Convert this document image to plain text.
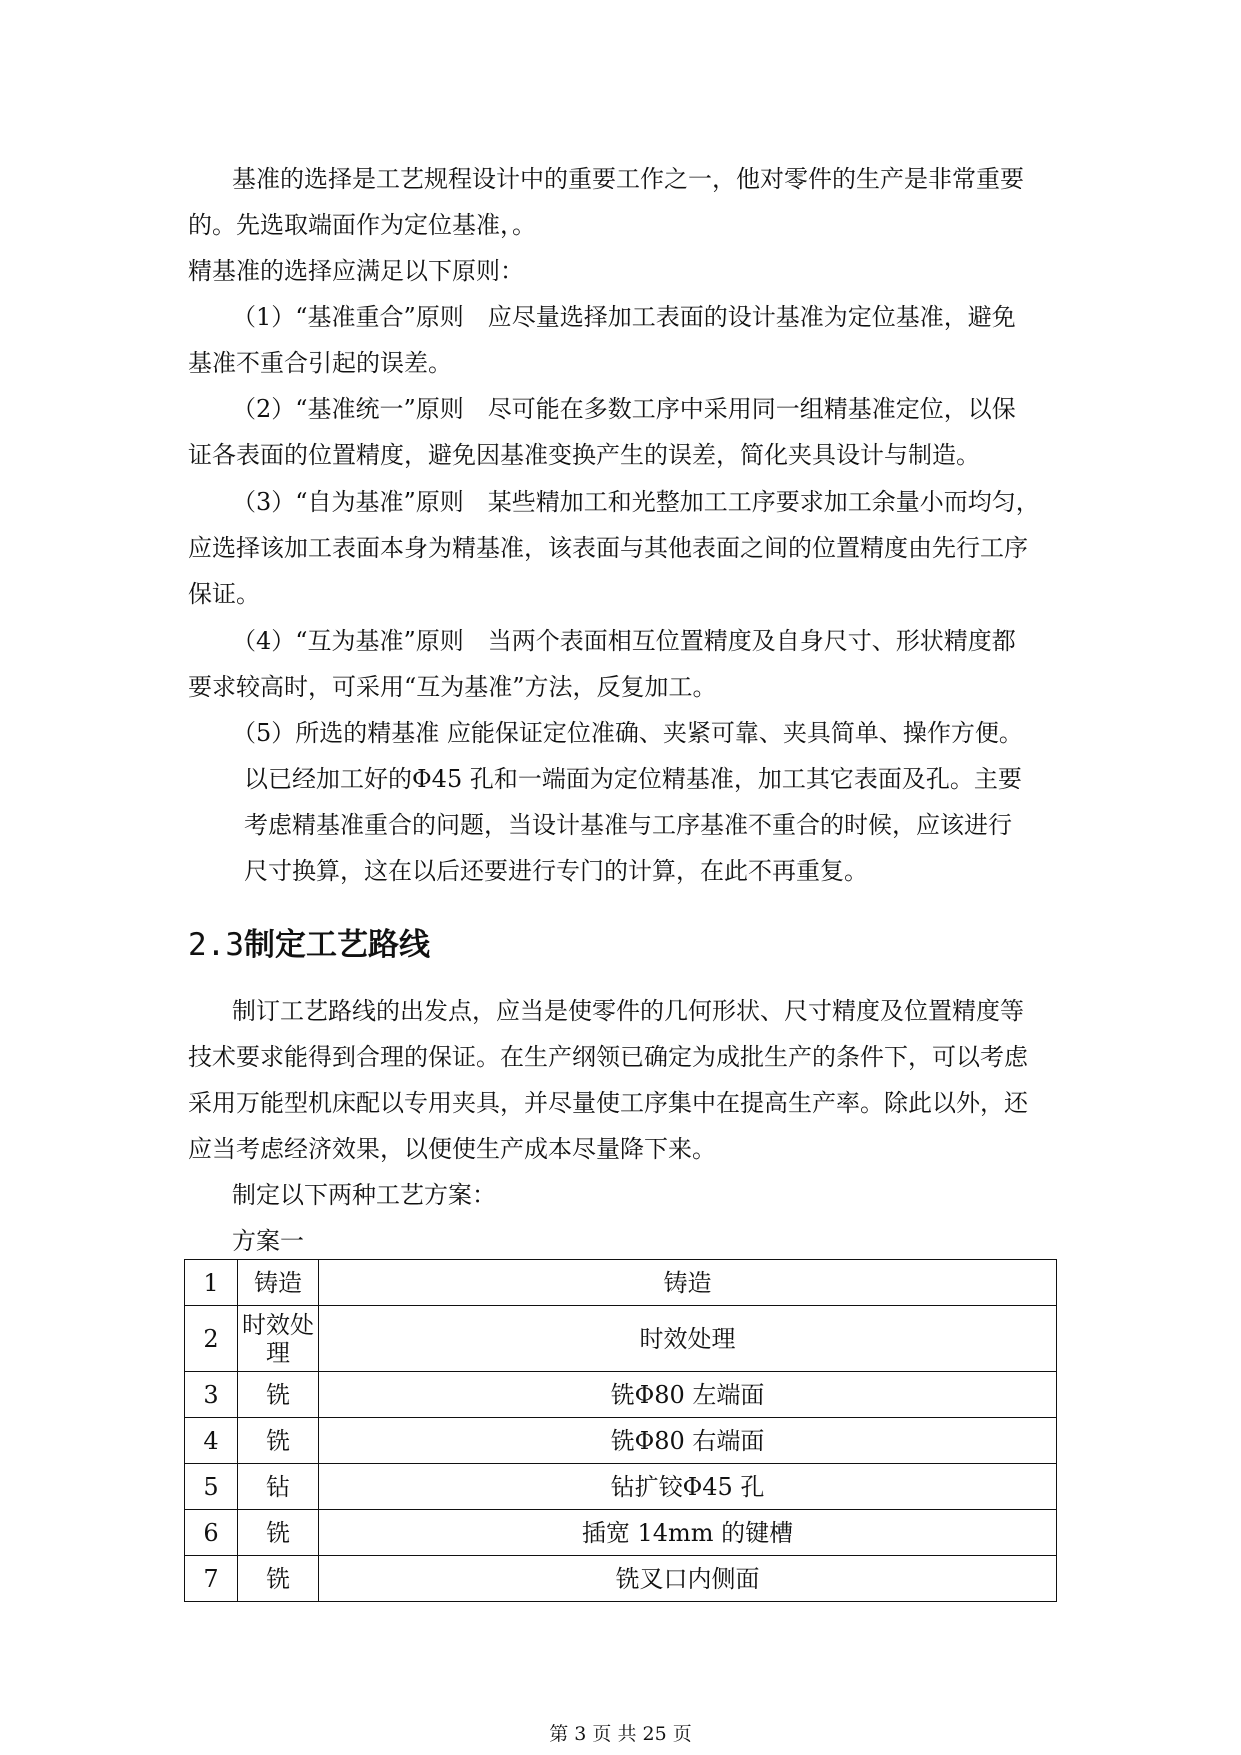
基准的选择是工艺规程设计中的重要工作之一，他对零件的生产是非常重要
的。先选取端面作为定位基准，。
精基准的选择应满足以下原则：
（1）“基准重合”原则　应尽量选择加工表面的设计基准为定位基准，避免
基准不重合引起的误差。
（2）“基准统一”原则　尽可能在多数工序中采用同一组精基准定位，以保
证各表面的位置精度，避免因基准变换产生的误差，简化夹具设计与制造。
（3）“自为基准”原则　某些精加工和光整加工工序要求加工余量小而均匀，
应选择该加工表面本身为精基准，该表面与其他表面之间的位置精度由先行工序
保证。
（4）“互为基准”原则　当两个表面相互位置精度及自身尺寸、形状精度都
要求较高时，可采用“互为基准”方法，反复加工。
（5）所选的精基准 应能保证定位准确、夹紧可靠、夹具简单、操作方便。
以已经加工好的Φ45 孔和一端面为定位精基准，加工其它表面及孔。主要
考虑精基准重合的问题，当设计基准与工序基准不重合的时候，应该进行
尺寸换算，这在以后还要进行专门的计算，在此不再重复。
2.3制定工艺路线
制订工艺路线的出发点，应当是使零件的几何形状、尺寸精度及位置精度等
技术要求能得到合理的保证。在生产纲领已确定为成批生产的条件下，可以考虑
采用万能型机床配以专用夹具，并尽量使工序集中在提高生产率。除此以外，还
应当考虑经济效果，以便使生产成本尽量降下来。
制定以下两种工艺方案：
方案一
1	铸造	铸造
2	时效处理	时效处理
3	铣	铣Φ80 左端面
4	铣	铣Φ80 右端面
5	钻	钻扩铰Φ45 孔
6	铣	插宽 14mm 的键槽
7	铣	铣叉口内侧面
第 3 页 共 25 页
